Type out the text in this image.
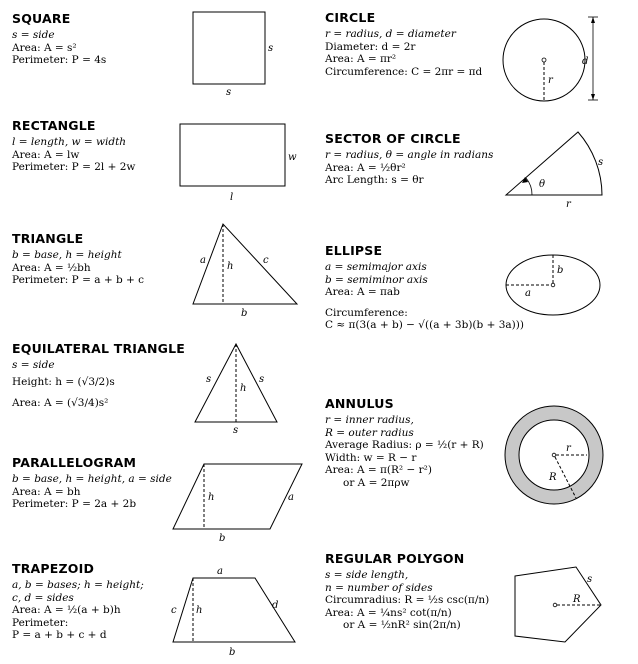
SQUARE
s = side
Area: A = s²
Perimeter: P = 4s
s
s
RECTANGLE
l = length, w = width
Area: A = lw
Perimeter: P = 2l + 2w
w
l
TRIANGLE
b = base, h = height
Area: A = ½bh
Perimeter: P = a + b + c
a
h
c
b
EQUILATERAL TRIANGLE
s = side
Height: h = (√3/2)s
Area: A = (√3/4)s²
s	s
h
s
PARALLELOGRAM
b = base, h = height, a = side
Area: A = bh
Perimeter: P = 2a + 2b
h	a
b
TRAPEZOID
a, b = bases; h = height;
c, d = sides
Area: A = ½(a + b)h
Perimeter:
P = a + b + c + d
a
c h	d
b
CIRCLE
r = radius, d = diameter
Diameter: d = 2r
Area: A = πr²
Circumference: C = 2πr = πd
r
d
SECTOR OF CIRCLE
r = radius, θ = angle in radians
Area: A = ½θr²
Arc Length: s = θr	θ
s
r
ELLIPSE
a = semimajor axis
b = semiminor axis
Area: A = πab
Circumference:
C ≈ π(3(a + b) − √((a + 3b)(b + 3a)))
b
a
ANNULUS
r = inner radius,
R = outer radius
Average Radius: ρ = ½(r + R)
Width: w = R − r
Area: A = π(R² − r²)
or A = 2πρw
r
R
REGULAR POLYGON
s = side length,
n = number of sides
Circumradius: R = ½s csc(π/n)
Area: A = ¼ns² cot(π/n)
or A = ½nR² sin(2π/n)
s
R
